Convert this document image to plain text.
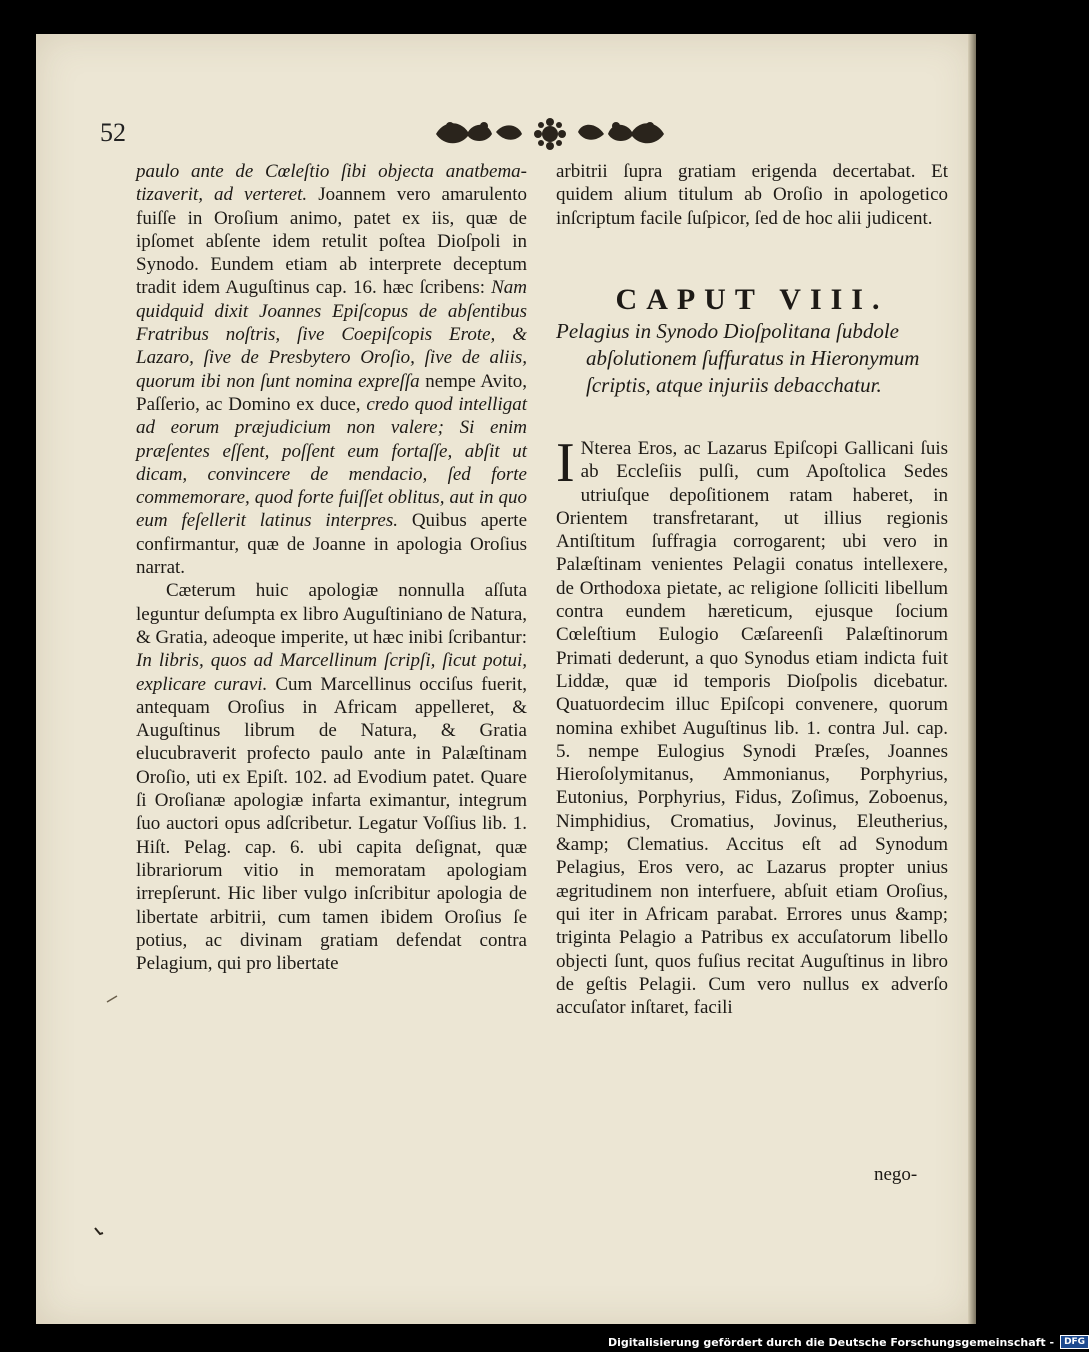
52

paulo ante de Cœleſtio ſibi objecta anatbema-tizaverit, ad verteret. Joannem vero amarulento fuiſſe in Oroſium animo, patet ex iis, quæ de ipſomet abſente idem retulit poſtea Dioſpoli in Synodo. Eundem etiam ab interprete deceptum tradit idem Auguſtinus cap. 16. hæc ſcribens: Nam quidquid dixit Joannes Epiſcopus de abſentibus Fratribus noſtris, ſive Coepiſcopis Erote, & Lazaro, ſive de Presbytero Oroſio, ſive de aliis, quorum ibi non ſunt nomina expreſſa nempe Avito, Paſſerio, ac Domino ex duce, credo quod intelligat ad eorum præjudicium non valere; Si enim præſentes eſſent, poſſent eum fortaſſe, abſit ut dicam, convincere de mendacio, ſed forte commemorare, quod forte fuiſſet oblitus, aut in quo eum feſellerit latinus interpres. Quibus aperte confirmantur, quæ de Joanne in apologia Oroſius narrat.

Cæterum huic apologiæ nonnulla aſſuta leguntur deſumpta ex libro Auguſtiniano de Natura, & Gratia, adeoque imperite, ut hæc inibi ſcribantur: In libris, quos ad Marcellinum ſcripſi, ſicut potui, explicare curavi. Cum Marcellinus occiſus fuerit, antequam Oroſius in Africam appelleret, & Auguſtinus librum de Natura, & Gratia elucubraverit profecto paulo ante in Palæſtinam Oroſio, uti ex Epiſt. 102. ad Evodium patet. Quare ſi Oroſianæ apologiæ infarta eximantur, integrum ſuo auctori opus adſcribetur. Legatur Voſſius lib. 1. Hiſt. Pelag. cap. 6. ubi capita deſignat, quæ librariorum vitio in memoratam apologiam irrepſerunt. Hic liber vulgo inſcribitur apologia de libertate arbitrii, cum tamen ibidem Oroſius ſe potius, ac divinam gratiam defendat contra Pelagium, qui pro libertate

arbitrii ſupra gratiam erigenda decertabat. Et quidem alium titulum ab Oroſio in apologetico inſcriptum facile ſuſpicor, ſed de hoc alii judicent.

CAPUT VIII.

Pelagius in Synodo Dioſpolitana ſubdole abſolutionem ſuffuratus in Hieronymum ſcriptis, atque injuriis debacchatur.

I Nterea Eros, ac Lazarus Epiſcopi Gallicani ſuis ab Eccleſiis pulſi, cum Apoſtolica Sedes utriuſque depoſitionem ratam haberet, in Orientem transfretarant, ut illius regionis Antiſtitum ſuffragia corrogarent; ubi vero in Palæſtinam venientes Pelagii conatus intellexere, de Orthodoxa pietate, ac religione ſolliciti libellum contra eundem hæreticum, ejusque ſocium Cœleſtium Eulogio Cæſareenſi Palæſtinorum Primati dederunt, a quo Synodus etiam indicta fuit Liddæ, quæ id temporis Dioſpolis dicebatur. Quatuordecim illuc Epiſcopi convenere, quorum nomina exhibet Auguſtinus lib. 1. contra Jul. cap. 5. nempe Eulogius Synodi Præſes, Joannes Hieroſolymitanus, Ammonianus, Porphyrius, Eutonius, Porphyrius, Fidus, Zoſimus, Zoboenus, Nimphidius, Cromatius, Jovinus, Eleutherius, &amp; Clematius. Accitus eſt ad Synodum Pelagius, Eros vero, ac Lazarus propter unius ægritudinem non interfuere, abſuit etiam Oroſius, qui iter in Africam parabat. Errores unus &amp; triginta Pelagio a Patribus ex accuſatorum libello objecti ſunt, quos fuſius recitat Auguſtinus in libro de geſtis Pelagii. Cum vero nullus ex adverſo accuſator inſtaret, facili
nego-
Digitalisierung gefördert durch die Deutsche Forschungsgemeinschaft -	DFG
